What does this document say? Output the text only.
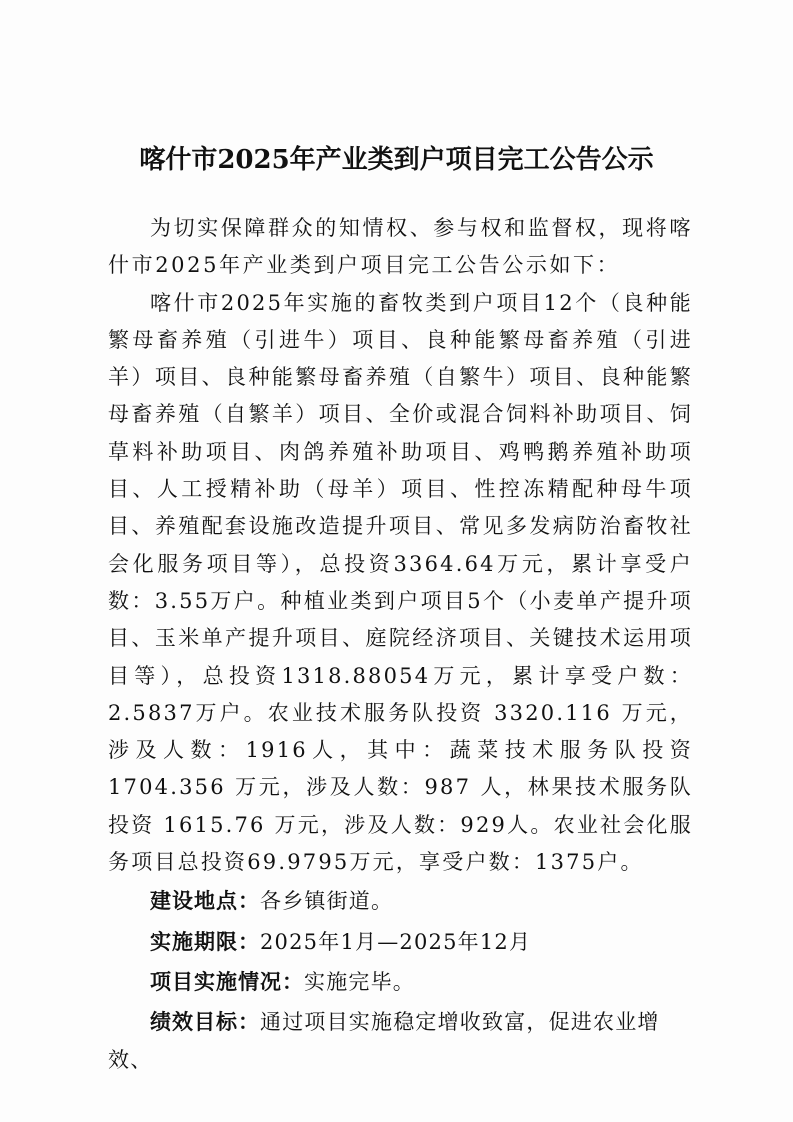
喀什市2025年产业类到户项目完工公告公示

为切实保障群众的知情权、参与权和监督权，现将喀什市2025年产业类到户项目完工公告公示如下：

喀什市2025年实施的畜牧类到户项目12个（良种能繁母畜养殖（引进牛）项目、良种能繁母畜养殖（引进羊）项目、良种能繁母畜养殖（自繁牛）项目、良种能繁母畜养殖（自繁羊）项目、全价或混合饲料补助项目、饲草料补助项目、肉鸽养殖补助项目、鸡鸭鹅养殖补助项目、人工授精补助（母羊）项目、性控冻精配种母牛项目、养殖配套设施改造提升项目、常见多发病防治畜牧社会化服务项目等），总投资3364.64万元，累计享受户数：3.55万户。种植业类到户项目5个（小麦单产提升项目、玉米单产提升项目、庭院经济项目、关键技术运用项目等），总投资1318.88054万元，累计享受户数：2.5837万户。农业技术服务队投资 3320.116 万元，涉及人数：1916人，其中：蔬菜技术服务队投资 1704.356 万元，涉及人数：987 人，林果技术服务队投资 1615.76 万元，涉及人数：929人。农业社会化服务项目总投资69.9795万元，享受户数：1375户。

建设地点：各乡镇街道。

实施期限：2025年1月—2025年12月

项目实施情况：实施完毕。

绩效目标：通过项目实施稳定增收致富，促进农业增效、
